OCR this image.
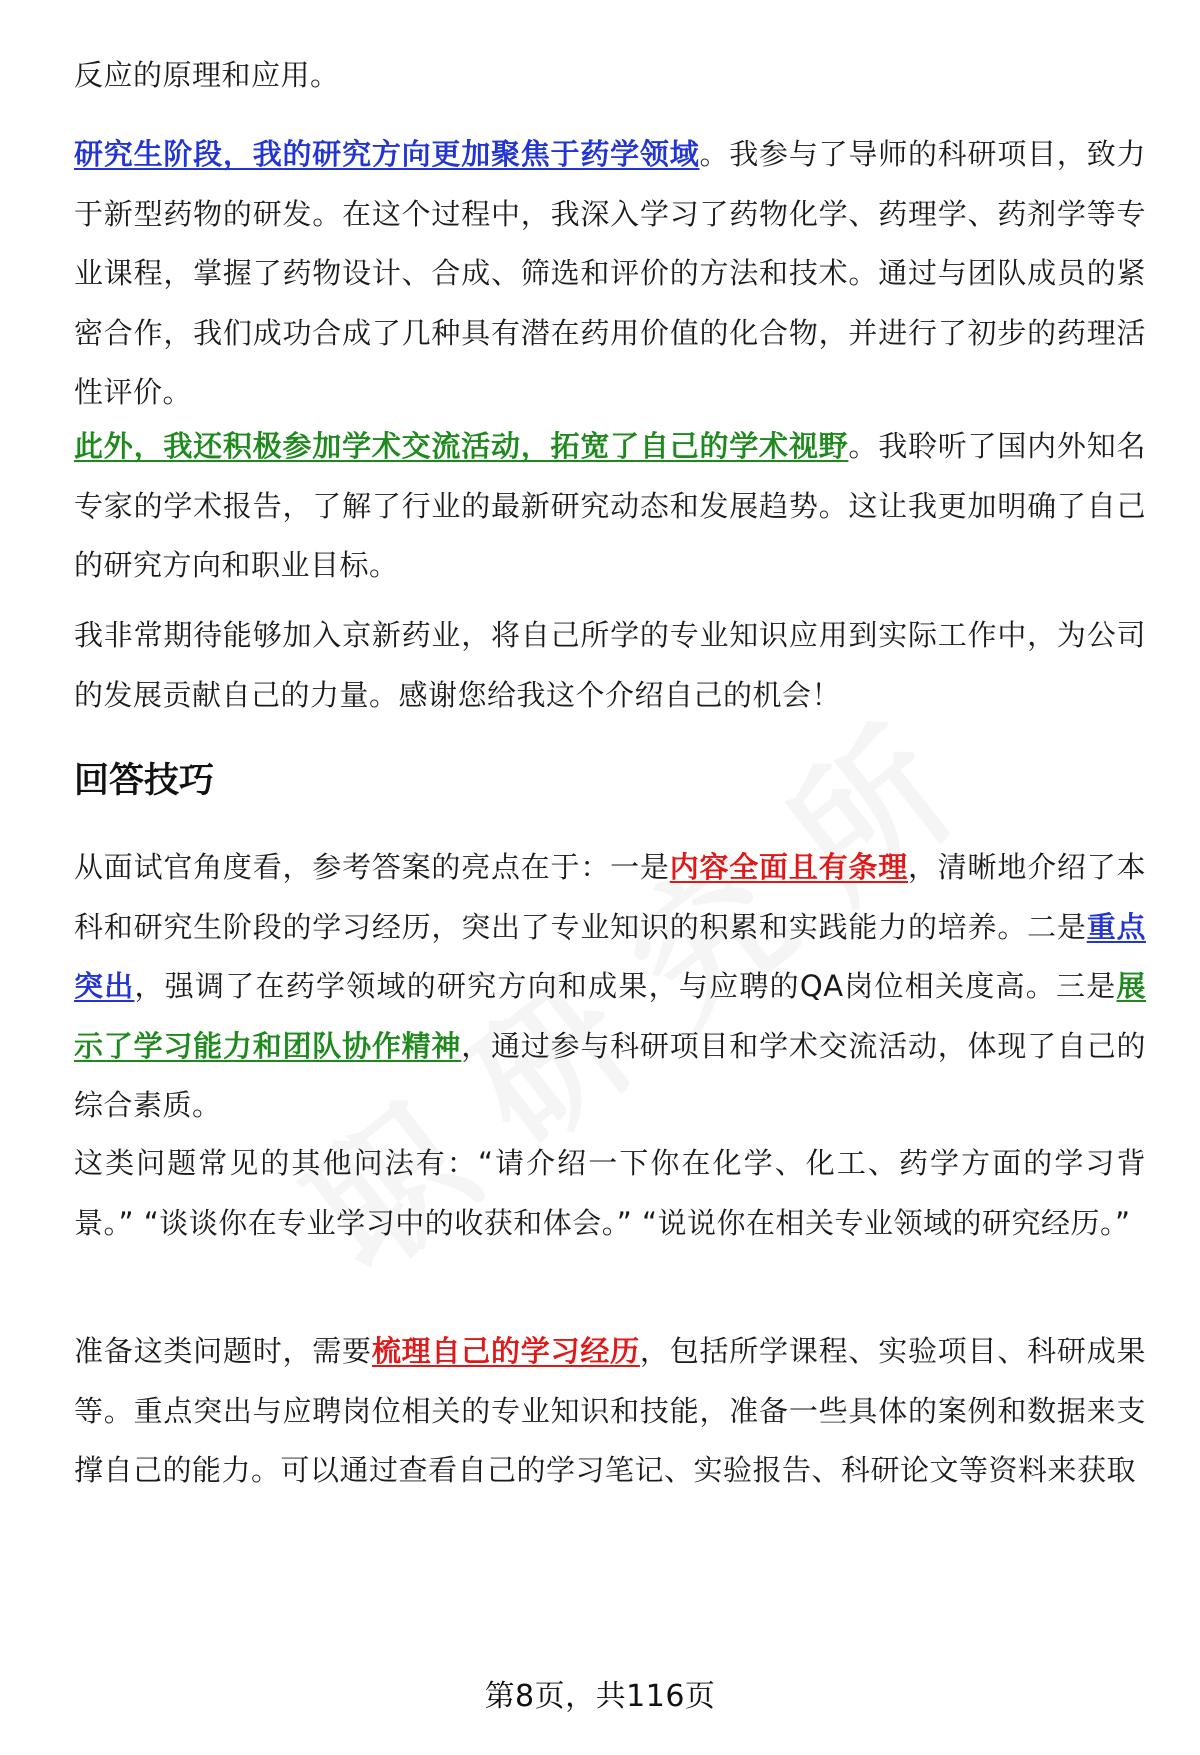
反应的原理和应用。

研究生阶段，我的研究方向更加聚焦于药学领域。我参与了导师的科研项目，致力于新型药物的研发。在这个过程中，我深入学习了药物化学、药理学、药剂学等专业课程，掌握了药物设计、合成、筛选和评价的方法和技术。通过与团队成员的紧密合作，我们成功合成了几种具有潜在药用价值的化合物，并进行了初步的药理活性评价。

此外，我还积极参加学术交流活动，拓宽了自己的学术视野。我聆听了国内外知名专家的学术报告，了解了行业的最新研究动态和发展趋势。这让我更加明确了自己的研究方向和职业目标。

我非常期待能够加入京新药业，将自己所学的专业知识应用到实际工作中，为公司的发展贡献自己的力量。感谢您给我这个介绍自己的机会！

回答技巧

从面试官角度看，参考答案的亮点在于：一是内容全面且有条理，清晰地介绍了本科和研究生阶段的学习经历，突出了专业知识的积累和实践能力的培养。二是重点突出，强调了在药学领域的研究方向和成果，与应聘的QA岗位相关度高。三是展示了学习能力和团队协作精神，通过参与科研项目和学术交流活动，体现了自己的综合素质。

这类问题常见的其他问法有：“请介绍一下你在化学、化工、药学方面的学习背景。” “谈谈你在专业学习中的收获和体会。” “说说你在相关专业领域的研究经历。”

准备这类问题时，需要梳理自己的学习经历，包括所学课程、实验项目、科研成果等。重点突出与应聘岗位相关的专业知识和技能，准备一些具体的案例和数据来支撑自己的能力。可以通过查看自己的学习笔记、实验报告、科研论文等资料来获取

第8页，共116页
